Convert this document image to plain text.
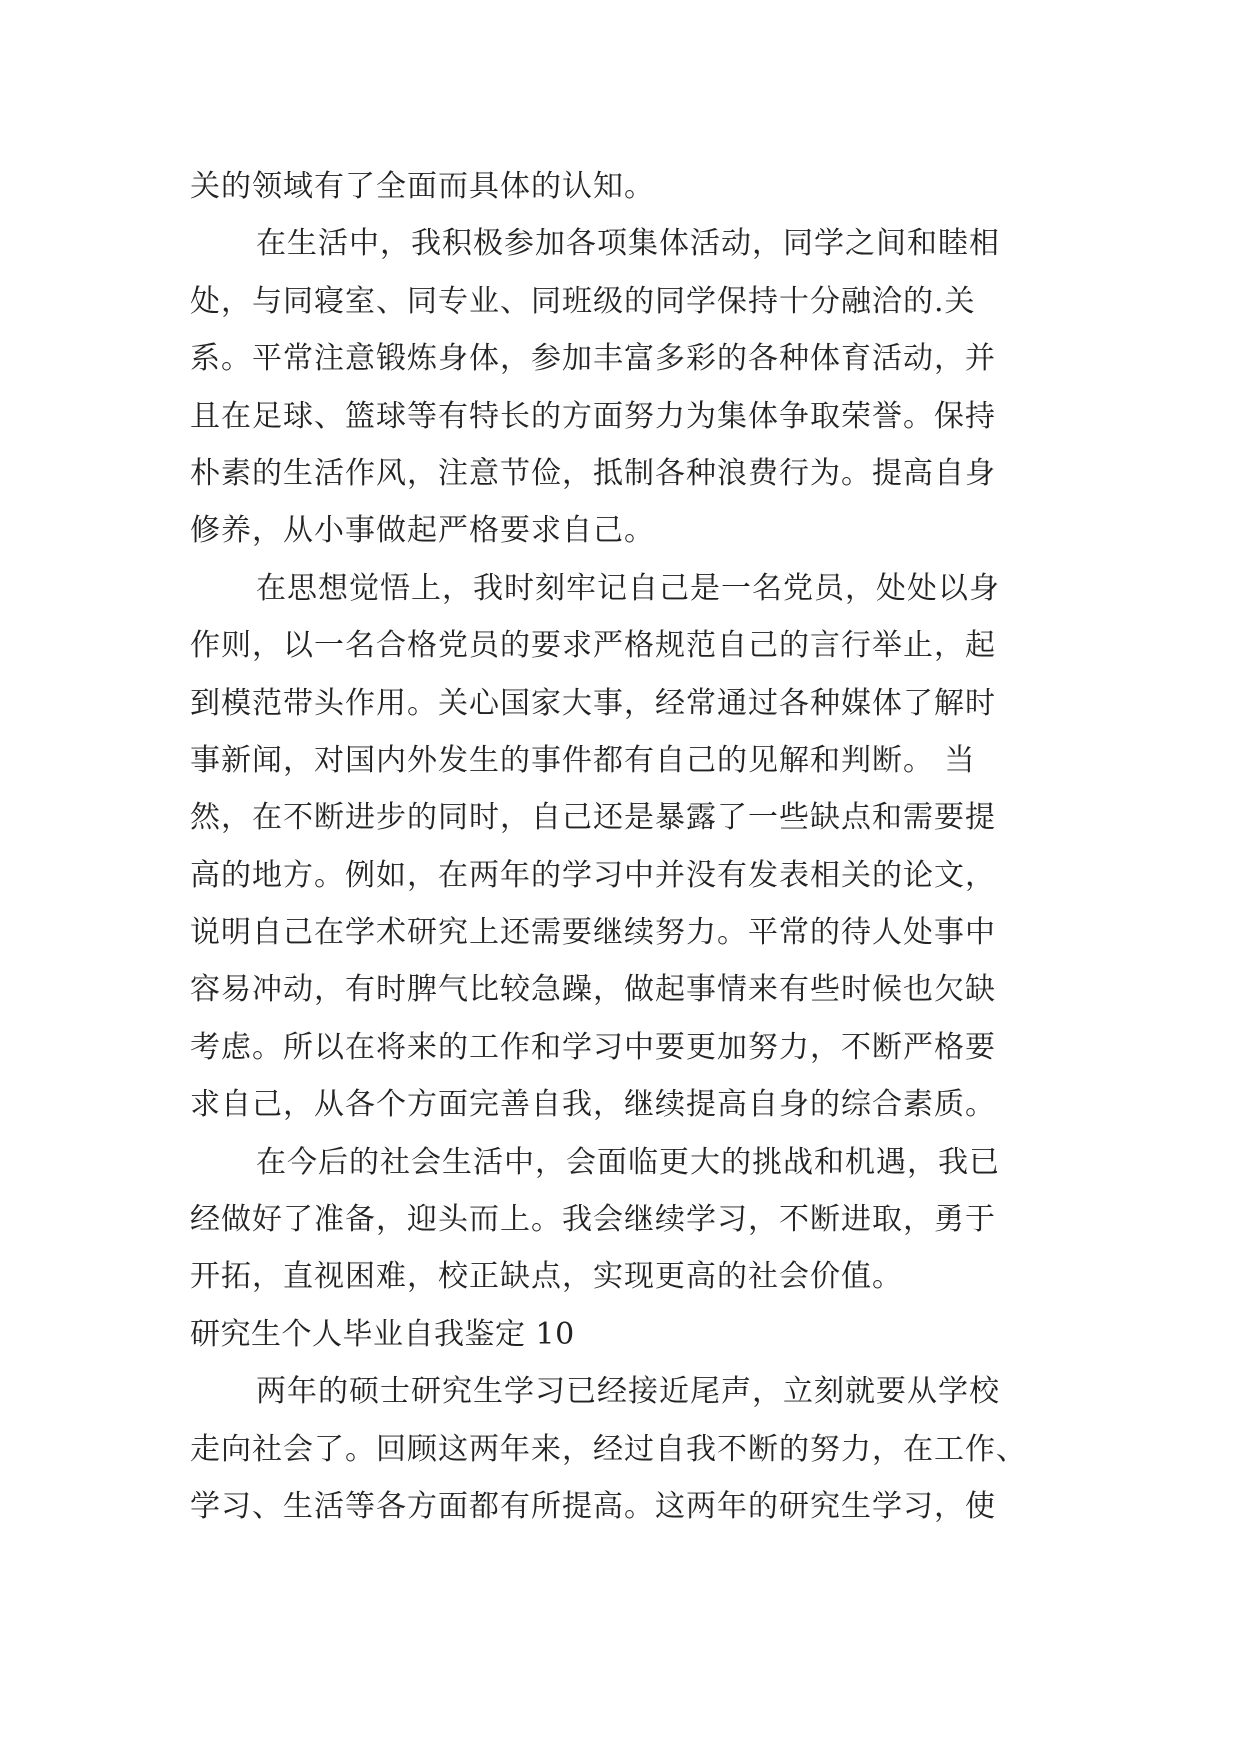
关的领域有了全面而具体的认知。
在生活中，我积极参加各项集体活动，同学之间和睦相
处，与同寝室、同专业、同班级的同学保持十分融洽的.关
系。平常注意锻炼身体，参加丰富多彩的各种体育活动，并
且在足球、篮球等有特长的方面努力为集体争取荣誉。保持
朴素的生活作风，注意节俭，抵制各种浪费行为。提高自身
修养，从小事做起严格要求自己。
在思想觉悟上，我时刻牢记自己是一名党员，处处以身
作则，以一名合格党员的要求严格规范自己的言行举止，起
到模范带头作用。关心国家大事，经常通过各种媒体了解时
事新闻，对国内外发生的事件都有自己的见解和判断。 当
然，在不断进步的同时，自己还是暴露了一些缺点和需要提
高的地方。例如，在两年的学习中并没有发表相关的论文，
说明自己在学术研究上还需要继续努力。平常的待人处事中
容易冲动，有时脾气比较急躁，做起事情来有些时候也欠缺
考虑。所以在将来的工作和学习中要更加努力，不断严格要
求自己，从各个方面完善自我，继续提高自身的综合素质。
在今后的社会生活中，会面临更大的挑战和机遇，我已
经做好了准备，迎头而上。我会继续学习，不断进取，勇于
开拓，直视困难，校正缺点，实现更高的社会价值。
研究生个人毕业自我鉴定 10
两年的硕士研究生学习已经接近尾声，立刻就要从学校
走向社会了。回顾这两年来，经过自我不断的努力，在工作、
学习、生活等各方面都有所提高。这两年的研究生学习，使
